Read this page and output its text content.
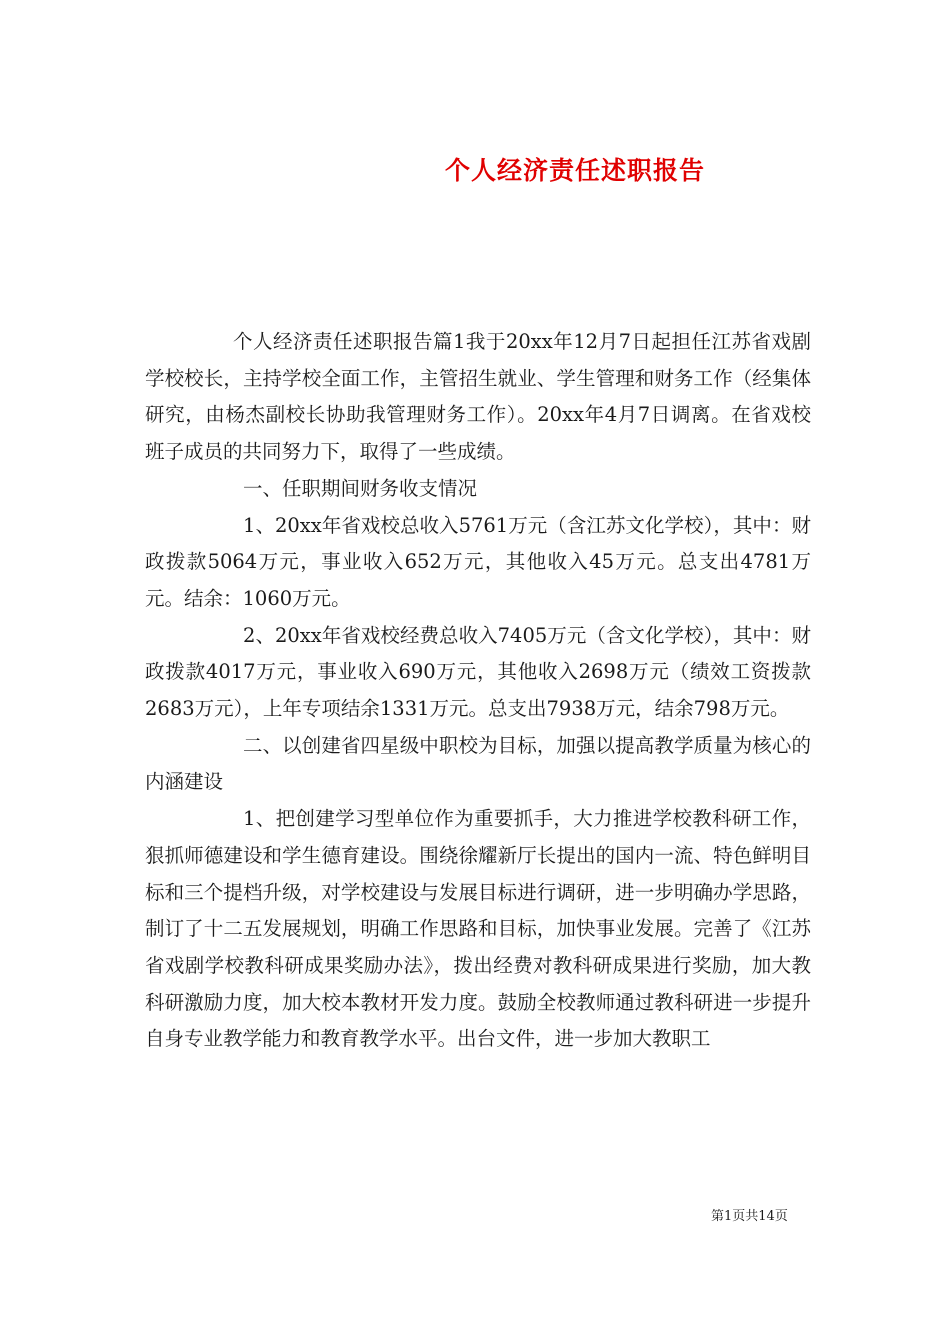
个人经济责任述职报告

个人经济责任述职报告篇1我于20xx年12月7日起担任江苏省戏剧学校校长，主持学校全面工作，主管招生就业、学生管理和财务工作（经集体研究，由杨杰副校长协助我管理财务工作）。20xx年4月7日调离。在省戏校班子成员的共同努力下，取得了一些成绩。

一、任职期间财务收支情况

1、20xx年省戏校总收入5761万元（含江苏文化学校），其中：财政拨款5064万元，事业收入652万元，其他收入45万元。总支出4781万元。结余：1060万元。

2、20xx年省戏校经费总收入7405万元（含文化学校），其中：财政拨款4017万元，事业收入690万元，其他收入2698万元（绩效工资拨款2683万元），上年专项结余1331万元。总支出7938万元，结余798万元。

二、以创建省四星级中职校为目标，加强以提高教学质量为核心的内涵建设

1、把创建学习型单位作为重要抓手，大力推进学校教科研工作，狠抓师德建设和学生德育建设。围绕徐耀新厅长提出的国内一流、特色鲜明目标和三个提档升级，对学校建设与发展目标进行调研，进一步明确办学思路，制订了十二五发展规划，明确工作思路和目标，加快事业发展。完善了《江苏省戏剧学校教科研成果奖励办法》，拨出经费对教科研成果进行奖励，加大教科研激励力度，加大校本教材开发力度。鼓励全校教师通过教科研进一步提升自身专业教学能力和教育教学水平。出台文件，进一步加大教职工

第1页共14页
